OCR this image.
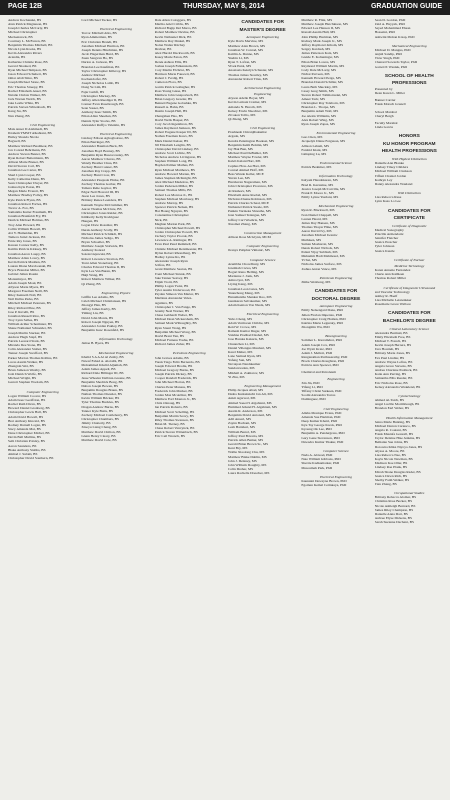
PAGE 12B	THURSDAY, MAY 8, 2014	GRADUATION GUIDE
Andrew Kochanski, BS
Alan Patrick Magnuson, BS
Joseph Charles McCarty, BS
Michael Christopher
Meckenstock, BS
Courtney L. McFarren, BS
Benjamin Thomas Mitchell, BS
Nicole Lynn Rooks, BS
Kevin Alexandra Rivers
Arandia, BS
Katherine Christie Rose, BS
Gerard Shadeed, BS
Ryan Michael Simpson, BS
Jason Edward Schubert, BS
Omar Abdi Shire, BS
Joseph Michael Stone, BS
Eric Thomas Streepy, BS
Rachel Elizabeth Ansel, BS
Natalie Christa Walker, BS
Jack Warren Welch, BS
Jake Leslie White, BS
Patrick Steven Wittenbach, BS
Kang Xu, BS
Nan Zhang, BS
Civil Engineering
Mais Anser D Alahmadi, BS
Ibrahem YMSIT Alkahtani, BS
Hailey Shonda Nicole
Bagwell, BS
Matthew Richard Bealmear, BS
Jon Conrad Behrmann, BS
Andrew Steven Beuter, BS
Ryan Robert Bettermann, BS
Allison Marie Breuer, BS
David Steven Carl, BS
Jonathan Lee Carter, BS
Sheri Lynn Cooper, BS
Kelly Catherine Dunn, BS
Sean Christopher Dwyer, BS
Joshua Kyle Eaton, BS
Megan Marie Everett, BS
Matthew Bradley Folley, BS
Kyle Patrick Flynn, BS
Jonathan Robert Forbes, BS
Trevor A. Fox, BS
Samantha Kutter Fraumuth, BS
Jonathan Brunfeldt Fry, BS
Derrick Michael Holmes, BS
Troy Alan Howard, BS
Collin William Howell, BS
Avi Y. Humaidan, BS
Tameca Juriel Jackson, BS
Ernie Ray Jones, BS
Kareen Connor Kelly, BS
Kaitlin Patricia Kirksey, BS
Jonathan Aaron Loupy, BS
Matthew Allen Lowry, BS
Kevin Patrick Madden, BS
Lauren Diane Marcisonski, BS
Bryce Brandon Miller, BS
Gabriel Julian Rossin
Montemayor, BS
Adam Joseph Moul, BS
Allyson Marie Myers, BS
Margaret Freeman Neill, BS
Riley Kenneth Noll, BS
Neil Dallas Parks, BS
Mitchell Michael Petersen, BS
Riley Richard Pine, BS
Jose P. Ravelli, BS
Jonathan Russell Rice, BS
Troy Lynn Sallee, BS
William Arthur Schermaier, BS
Shane Nathaniel Schneider, BS
Joseph Martin Stucker, BS
Andrew Hugh Stapf, BS
Patrick Leonard Stark, BS
Miranda Dee Stone, BS
Colin Alexander Stuber, BS
Tanner Joseph Swafford, BS
Parker Marion Thomas Rollins, BS
Lucas Austin Walker, BS
Zhengxin Wei, BS
Brian Jameson Westby, BS
Josh Dietrich Wolfe, BS
Michael Wright, BS
Garrett Stephen Woolam, BS
Computer Engineering
Logan William Coover, BS
Adam Isaac Geoffrion, BS
Rachel Ruth Divan, BS
Howard Daniel Gronberg, BS
Christopher Lewis Hall, BS
Adam David Howell, BS
Bret Anthony Kincaid, BS
Rodney Darnell Logan, BS
Stacy Amanda Mai, BS
Dane Christopher Michel, BS
Devin Ball Mullins, BS
Seth Christian Polsley, BS
Aaron Saunders, BS
Blake Anthony Stubbs, BS
Ahmad J. Sulaiti, BS
Christopher David Southern, BS
Cord Michael Tucker, BS
Electrical Engineering
Trevor Mitchell Abts, BS
Ryan Ammerman, BS
Eric Christian Brandt, BS
Jonathan Michael Harmon, BS
Joseph Dennis Hinchman, BS
Jacob Hagerman Hurd, BS
Xuan Sangvan Ho, BS
Darion A. Jackson, BS
Brandon Lee Kaufman, BS
Taylor Christopher Killeroy, BS
Andrew Michael
Kochendorfer, BS
Joseph Nicholas Lamb, BS
Dong Ye Lim, BS
Fajar Luthfi, BS
Christopher Mackey, BS
Jeffrey Allen Ruediger II, BS
Conner Evan Rosebrough, BS
Sean Sasser, BS
Anthony Isaac Smith, BS
Ethan Allen Sheehan, BS
Dennis Tyler Stocks, BS
Alexander Ruffyo Valentin, BS
Electrical Engineering
Lindsay Edison Aghogbokwe, BS
Ethan Barringer, BS
Alexander Bauman Buck, BS
Jonathan Boyd Bonney, BS
Benjamin Ryan Buszorowsky, BS
Aaron Matthew Chaves, BS
Wendy Heather Chua, BS
Zachary Hunt Conner, BS
Jonathan Ray Crapp, BS
Zachary Hunt Crow, BS
Alexander Pasquale Ehrke, BS
Zachary Thomas Garber, BS
Tamara Rehe Gaynor, BS
Edgar Neil Howard III, BS
Jason Lee Jones, BS
Brittany Renee Leenders, BS
Kenneth Wayne McClammer, BS
Aaron Thomas McClure, BS
Christopher Jonas Reider, BS
Kimberly Kelly Rodriguez
Haugen, BS
Logan Drew Rossitter, BS
Derek Anthony Scally, BS
Michael Patrick Schmidt, BS
Nicholas James Seligo, BS
Bryan Schoeller, BS
Matthew Joseph Stalwick, BS
Anthony Konrad
Sokoloviejewski, BS
Robert Lawrence Stratton, BS
Trent Allen Stoneburg, BS
Charles Edward Thomas II, BS
Kyle Lee Van Buren, BS
Haiji Wang, BS
Robert Matthew Wilker, BS
Qi Zhang, BS
Engineering Physics
Griffin Lee Adams, BS
Caleb Michael Christiansen, BS
Zhongyi Han, BS
Jeffrey James Kerby, BS
Yiming Liu, BS
David John Monts, BS
Robert Joseph Nguyen, BS
Alexander Jordan Pokley, BS
Benjamin Isaac Rosenfeld, BS
Information Technology
Jamaa B. Byers, BS
Mechanical Engineering
Khalid S A A Al Al Zenby, BS
Nawaf Fahad A. Alotaibi, BS
Mohammed Khalid Aljumah, BS
Adam James Appelt, BS
Richard Dale Billinger III, BS
Jesse Wheeler Delbruz-Greene, BS
Benjamin Shedrick Bong, BS
Dalton Joseph Bowen, BS
Benjamin Douglas Braun, BS
Nathan Thomas Dressler, BS
Kevin William Bricker, BS
Tyler Thomas Buckles, BS
Dragan Andrew Burns, BS
Tanner Kyle Butts, BS
Zachery Michael Castleberry, BS
Christopher Chambers, BS
Jimmy Chatterly, BS
Xiaoyu Liang Cheng, BS
Matthew David Chilton, BS
Glenn Henry Cleary, BS
Matthew David Cole, BS
Dale Allen Cologgers, BS
Martha Ariel Cribbs, BS
Richard Bagip Del Marro, BS
Robert Matthew Devine, BS
Kevin Nathaniel Dick, BS
Matthew Ray Drukel, BS
Nolan Walter Ritchey
Drabrer, BS
Alex Harold Duckworth, BS
Kasey Marie Eaton, BS
Derek Ashton Ellis, BS
Joshua Joseph Falkenstein, BS
Cory Martin Elchrist, BS
Harrison Marie Fauscett, BS
Robert J. Ferdig, BS
Cameron Flora, BS
Garrin Patrick Gallagher, BS
Ross Young Giese, BS
Matthew John Gnapoviech, BS
Brian Gregory Graeler, BS
Bennett Eugene Golashka, BS
Russell A. Hahn, BS
Dustin Joseph Hall, BS
Zhangzhen Hao, BS
David Wells Hasper, BS
Cory Jacob Ingenthron, BS
James Raymond Jankson, BS
Robert Eugene Kasper III, BS
Nathan Freeman Kaws, BS
Mark Daniel Keiser, BS
Jill Elizabeth Lenglin, BS
Christopher David Lindsey, BS
Andrew Scott Lichtie, BS
Nicholas Andrew Livingston, BS
Stephen William Long, BS
Hayden Palmer Mathes, BS
Ryan Michael Matthews, BS
Andrew Howard Marten, BS
James Stephen McKnight, BS
Alex Michael Medeiros, BS
Jordan Pedersen Miller, BS
Samuel Thomas Mills, BS
Robert Lee Monroe Jr., BS
Stephen Michael Morrissey, BS
Andrew Murray, BS
Spencer Patrick Nelsen, BS
Hai Hoang Nguyen, BS
Constantine Christopher
Nick, BS
Meghan Marion Park, BS
Christopher Michael Powell, BS
Jordan Christopher Powell, BS
Zachary Taylor Procak, BS
Lawrence A. Rattinger, BS
Evan Paul Peud Remmell, BS
Christie Michael Rentmeester, BS
Dylan Robert Rhondberg, BS
Hadley Lynne Ro, BS
Alexander Joseph Ryan
Scifres, BS
Grant Matthew Seaton, BS
Trent Michael Strunk, BS
Jake Tanner Seavey, BS
Elijah Trotti, BS
Phillip Logan Twist, BS
Tyler Austin Underwood, BS
Payden Simeon Van Marter, BS
Martinus Alexander Velez-
Aguilera, BS
Christopher J. Van Fange, BS
Jeremy Neal Warner, BS
Chase Gebhardt Weber, BS
Michael Dean Wickersham, BS
Samuel Mark Willoughby, BS
Ryan Stuart Wong, BS
Benjamin Michael Wong, BS
David Brent Yen, BS
Michael Furness Yoshu, BS
Richard James Zuber, BS
Petroleum Engineering
John Graves Adams, BS
Yarek Tiago Felix Bernardo, BS
Joseph Edward Brodie, BS
Michael Gregory Burns, BS
Joseph Patrick Dickey, BS
Cooper Randall Frederick, BS
John Michael Horton, BS
Charles Peter Maness, BS
Frederick John Marker, BS
Jordan Max McArthur, BS
Matthew Earl Mouton Jr., BS
Chris Oxnaug, BS
Ian Patrick Roberts, BS
Michael Scott Schelling, BS
Benjamin Martin Seavy, BS
Riley Thomas Swanson, BS
Brian M. Tierney, BS
Chase Robert Vanvynck, BS
Patrick Steven Wittenbach, BS
Eric Ceil Wrench, BS
CANDIDATES FOR
MASTER'S DEGREE
Aerospace Engineering
Kyle Davis Mervine, MS
Matthew Alan Brown, MS
Jonathan W. Conrad, MS
Kaitlin A. Dunne, MS
Yuebin Li, MS
Ryan T. Lofton, MS
Vivek Pursi, MS
Anastasia Ketelyn Schuster, MS
Thomas James Stoutley, MS
Alexander Robert Titus, MS
Architectural Engineering
Engineering
Alyson Adelle Boyer, MS
Kevin Lamont Cramer, MS
Amanda N. Heroth, MS
Kelsey Erwin Nuechter, MS
Zivokon Tollis, MS
Qi Zheng, MS
Civil Engineering
Prashnesh Chiranjibakumar
Argade, MS
Kendra Pennington Boekset, MS
Benjamin Keith Bohmn, MS
Jay Hak Bun, MS
Michael Paul DeBuhler, MS
Matthew Wayne Fowler, MS
Kaleb Kalani Harr, MS
Cephus How-Au Harr, MS
Conrad Ahmed Hoff, MS
Bess Wande Keller, MCE
Yuvan Lee, MS
Harshavan Nagaraman, MS
John Christopher Provence, MS
Al Rasheev, MS
Elizabeth Anne Roebel, MS
Nicholas Duane Robinson, MS
Patrick Charles Schaal, MCE
Nathaniel Patrick Steele, MS
Punkin Varnieka Shrestha, MS
Jean Samuel Tetangue, MS
Jeffrey Carl Woehrle, MS
Xiaomei Zhang, MS
Construction Management
Allison Rose McGlynn, MCM
Computer Engineering
Jiranya Pubphat Vimanic, MS
Computer Science
Arumbha Chowdhury, MS
Jeremiah Crews, MS
Bogart Reno Helling, MS
Marianne J. Jonk, MS
Amna Iyer, MS
Liying Kang, MS
Jonathan Leon Lutes, MS
Yuanzhong Meng, MS
Hanumantha Shankar Rao, MS
Gunikaran Selvakumar, MS
Adam Kenton Von Nieda, MS
Electrical Engineering
Yubo Cheng, MS
Adam Vermoren Childre, MS
Reid W. Crowe, MS
Ramesh Kumar Dugar, MS
Vaishna Pradhad Dashal, MS
Jose Haruka Kakaris, MS
Chuanchen Li, MS
Daniel Villengus Maubert, MS
Karel Maher, MS
Lane Samuel Ryan, MS
Yafeng Sun, MS
Nevatpan Nandakumar
Sundaravadan, MS
Mikhail A. Zakharov, MS
Yi Zhu, MS
Engineering Management
Philip Jacques Abad, MS
Dasha Kurkulakchi Jan Ali, MS
Ankit Agarwal, MS
Ahmed Saeed S Algahtani, MS
Hammad Jehand H. Algahtani, MS
Austin R. Anderson, MS
Benjamin David Antonari, MS
Adil Ansari, MS
Zaynn Bachani, MS
Leah Barnhart, MS
William Barrel, MS
Jeffrey Paul Bavaria, MS
Patrick Allen Bemer, MS
Gerald Brian Brown Sr., MS
Kent Bry, MS
Wallie Xiaolong Chu, MS
Matthew Blake Dahlin, MS
John J. Delaney, MS
John William Doughty, MS
Colin Dreher, MS
Laura Rachelle Drescher, MS
Matthew R. Flint, MS
Matthew Joseph Hutchinson, MS
Edward Lee Hanson II, MS
Ronald Austin Hull, MS
John Phillip Hartman, MS
Rodney Mark Joseph Jr., MS
Jeffrey Raymond Jethom, MS
Sergey Kardash, MS
James Patterson Katz, MS
Greide E. Kobuningsr, MS
Ethan Brian Lowes, MS
Raymond William Martin, MS
Cody Dale McLarty, MS
Nichat Parveen, MS
Kenneth Howard Perga, MS
Brandon Donald Schiller, MS
Laura Beth Shuckley, MS
Casey Greg Smith, MS
Steven Robert Tallmonwski, MS
Ameer Tarir, MS
Christopher Ray Toleborn, MS
Brandon L. Thorpe, MS
Benjamin Adam Wall, MS
Joe Alexis Williams, MS
Alex Robert Wing, MS
Ryan Joseph Zapas, MS
Environmental Engineering
Guo Chen, MS
Jacquelyn Diane Ferguson, MS
Allison Laham, MS
Farshid Kiani, MS
Limsping Lu, MS
Environmental Science
Patrick Beahmer, MS
Information Technology
Kalyani Hareshkaran, MS
Brad R. Kersteine, MS
Jessica Joseph McCarville, MS
Frank P. Moore Jr., MS
Emily Lynne Yazdani, MS
Mechanical Engineering
Ryan R. Blackwell, MS
Ivan Daniel Chappell, MS
Lauren Heard, MS
James Day Hansen, MS
Thomas Thayer Hine, MS
Aaron David Ivy, MS
Jonathan Michael Iwaniw
Mathisen, MS
Suman Mosharrat, MS
Derek Robert Nichols, MS
Palani Vijay Subbiah, MS
Muhamm Hadi Mahmoud, MS
Yi Sui, MS
Nicholas James Surface, MS
Joshua Anton Vance, MS
Petroleum Engineering
Zhihe Wenbong, MS
CANDIDATES FOR
DOCTORAL DEGREE
Aerospace Engineering
Emily Nelsengard Dana, PhD
Julien Florian Imperato, PhD
Christopher Craig Holden, PhD
Katrina Marie Legursky, PhD
Zhongmin Wu, PhD
Bioengineering
Sommer L. Kieramdrer, PhD
Adam Joseph Cox, PhD
Joe Wyatt Kratz, PhD
Adam J. Mellott, PhD
Ranganathan Parthasarathy, PhD
Brock Charles Roughton, PhD
Patricia Ann Spencer, PhD
Chemical and Petroleum
Engineering
Xin Jin, PhD
Yifeng Li, PhD
Tiffany Christ Surkeen, PhD
Soomi Alexandra Torres
Dominguez, PhD
Civil Engineering
Alisha Monique Evans, PhD
Amanda Sue Hartman, PhD
Deep Kumar Khatri, PhD
Kyu Tay George Kwok, PhD
Kyoung Ok Lee, PhD
Benjamin A. Pendergrass, PhD
Gary Gene Stevenson, PhD
Dawadra Kumar Thakur, PhD
Computer Science
Nada A. Alawad, PhD
Nate William Gibbons, PhD
Sherrie Kadkamarkar, PhD
Masoumeh Park, PhD
Electrical Engineering
Kaunaini Dewayne Brown, PhD
Egomen Kemal Cetinkaya, PhD
Sean D. Gordon, PhD
Zaid A. Hayyeh, PhD
Seyed Mohammed Ehsan
Hosseini, PhD
Ashwini Mohan Krsap, PhD
Mechanical Engineering
Michael D. Mangus, PhD
Anjali Sandip, PhD
Vicur Singh, PhD
Chenard Sowards Taylor, PhD
Garrett P. Wesiuk, PhD
SCHOOL OF HEALTH
PROFESSIONS
Presented by
Dean Karen L. Miller
Banner Carrier
Frank Motsch Gruzell
School Marshal
Cheryl Bergh
Faculty Marshal
Linda Garcia
HONORS
KU HONOR PROGRAM
HEALTH PROFESSIONS
With Highest Distinction
Danielle Ann Blanke
Lindsay Tilsey Childers
Michael William Clarkson
Tiffani Chantel Jordan
Kathryn Ley
Danny Alexandra Wauland
With Distinction
Lisa Rebecca Ruse
Lynn Kaas Lo Lee
CANDIDATES FOR
CERTIFICATE
Certificate of Diagnostic
Medical Sonography
Priscilla Armendariz
Jennifer Fletcher
Jessica Prescher
Tyler Johnson
Jessica Kusrle
Certificate of Nuclear
Medicine Technology
Karen Annette Fernandez
Cherie Ann Kathleen
Thomas Robert Miller
Certificate of Diagnostic Ultrasound
and Vascular Technology
Ashley R. Haelf
Lisa Michelle Letatenkker
Rosemarie Grace Wallace
CANDIDATES FOR
BACHELOR'S DEGREE
Clinical Laboratory Science
Alexandra Barmutt, BS
Emily Elizabeth Free, BS
Michael T. French, BS
Kevin Joseph Herrera, BS
Tara Hourieh, BS
Brittany Marie Jones, BS
Eva Paul Lindler, BS
Andrew Wayne Loftus, BS
Angela Grace Stevens, BS
Andrea Charlene Paddock, BS
Katie Ann Perring, BS
Samantha Ellis Reeder, BS
Eric Nicholas Rose, BS
Kelsey Alexandra Weaklend, BS
Cytotechnology
Ahmed Al-Taich, BS
Angel Lucille Morimbough, BS
Brandon Earl Weber, BS
Health Information Management
Jenna Marie Bunting, BS
Michael Darren Cariesco, BS
Angela R. Coutant, BS
Frank Mustafa Gonzell, BS
Taylor Delaine Hise Jenkins, BS
Bethanie Sue Johns, BS
Dorowna Klika Niyoya Jones, BS
Alyssa A. Moore, BS
Lisa Rebecca Nee, BS
Kayla Nicole Newman, BS
Madison Kae Oller, BS
Lindsey Rae Plank, BS
Micah Shane Douglas Rader, BS
Jessica Dawn Rich, BS
Shelby Faith Welker, BS
Tian Zhang, BS
Occupational Studies
Brittany Rebecca Alomar, BS
Christina Rose Becker, BS
Nicole Ashleigh Bernard, BS
James Riley Champion, BS
Danielle Anna Dart, BS
Aubree Elyse Dickens, BS
Sarah Suzanne Dechant, BS
